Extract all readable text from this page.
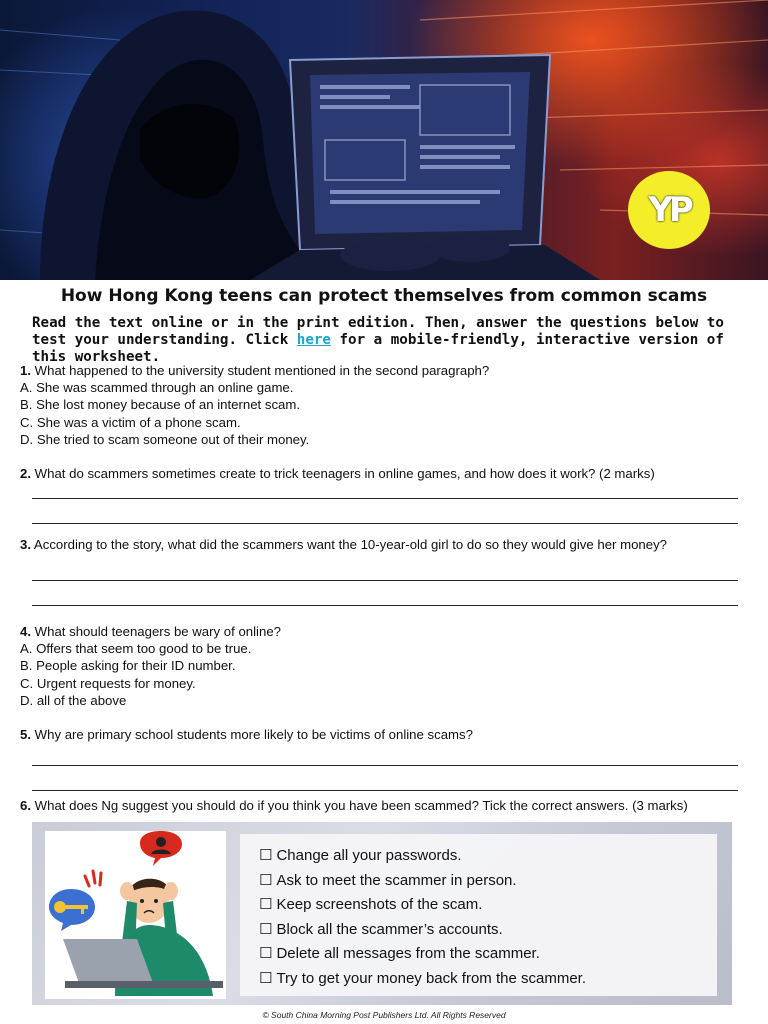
YP
How Hong Kong teens can protect themselves from common scams
Read the text online or in the print edition. Then, answer the questions below to test your understanding. Click here for a mobile-friendly, interactive version of this worksheet.
1. What happened to the university student mentioned in the second paragraph?
A. She was scammed through an online game.
B. She lost money because of an internet scam.
C. She was a victim of a phone scam.
D. She tried to scam someone out of their money.
2. What do scammers sometimes create to trick teenagers in online games, and how does it work? (2 marks)
3. According to the story, what did the scammers want the 10-year-old girl to do so they would give her money?
4. What should teenagers be wary of online?
A. Offers that seem too good to be true.
B. People asking for their ID number.
C. Urgent requests for money.
D. all of the above
5. Why are primary school students more likely to be victims of online scams?
6. What does Ng suggest you should do if you think you have been scammed? Tick the correct answers. (3 marks)
☐ Change all your passwords.
☐ Ask to meet the scammer in person.
☐ Keep screenshots of the scam.
☐ Block all the scammer’s accounts.
☐ Delete all messages from the scammer.
☐ Try to get your money back from the scammer.
© South China Morning Post Publishers Ltd. All Rights Reserved
